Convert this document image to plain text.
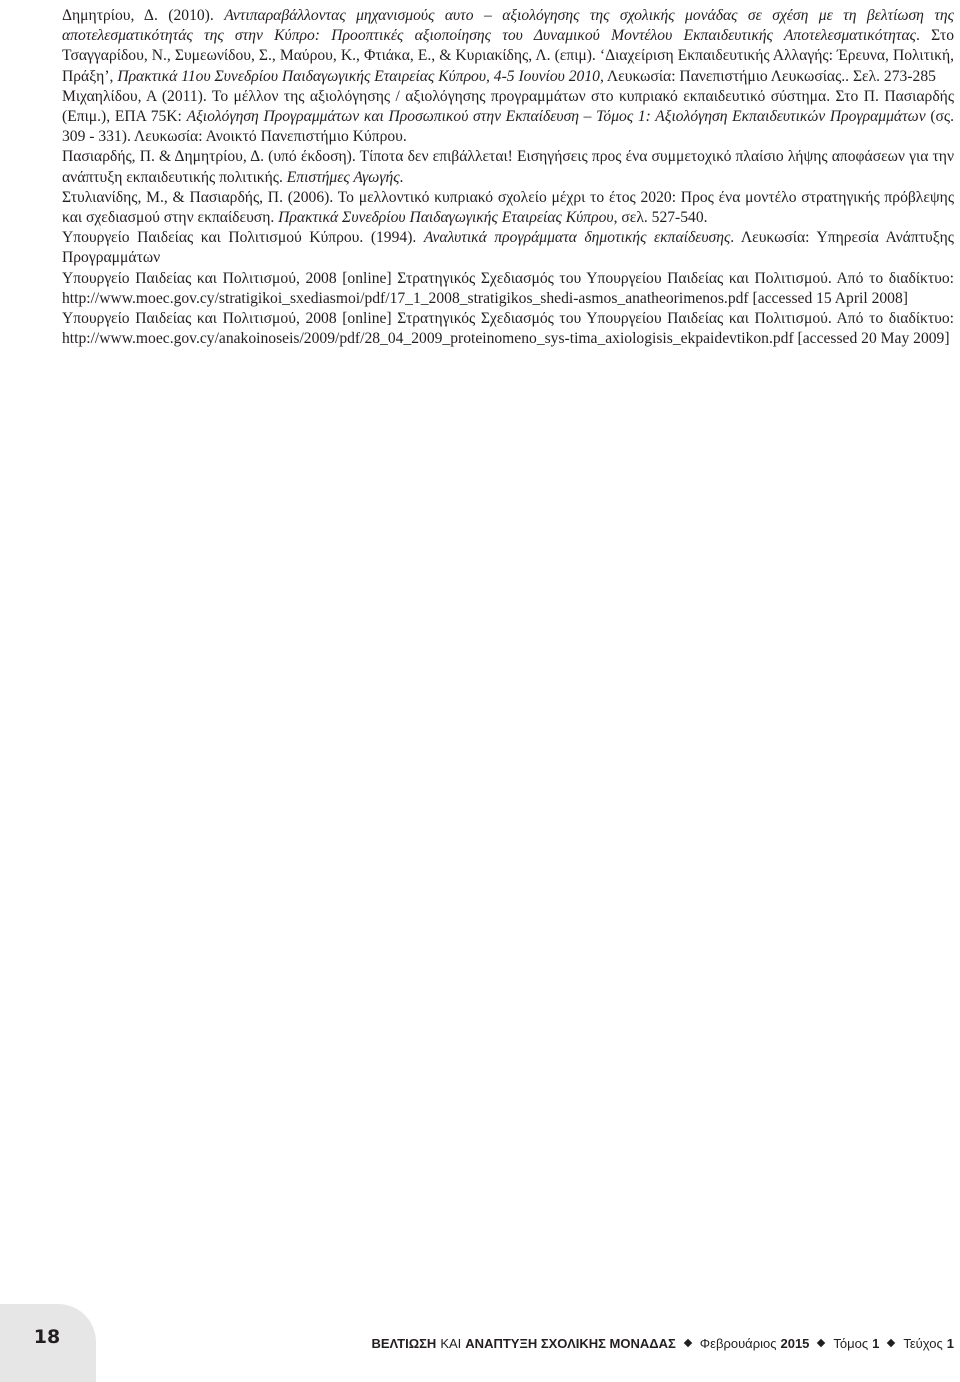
Δημητρίου, Δ. (2010). Αντιπαραβάλλοντας μηχανισμούς αυτο – αξιολόγησης της σχολικής μονάδας σε σχέση με τη βελτίωση της αποτελεσματικότητάς της στην Κύπρο: Προοπτικές αξιοποίησης του Δυναμικού Μοντέλου Εκπαιδευτικής Αποτελεσματικότητας. Στο Τσαγγαρίδου, Ν., Συμεωνίδου, Σ., Μαύρου, Κ., Φτιάκα, Ε., & Κυριακίδης, Λ. (επιμ). ‘Διαχείριση Εκπαιδευτικής Αλλαγής: Έρευνα, Πολιτική, Πράξη’, Πρακτικά 11ου Συνεδρίου Παιδαγωγικής Εταιρείας Κύπρου, 4-5 Ιουνίου 2010, Λευκωσία: Πανεπιστήμιο Λευκωσίας.. Σελ. 273-285

Μιχαηλίδου, Α (2011). Το μέλλον της αξιολόγησης / αξιολόγησης προγραμμάτων στο κυπριακό εκπαιδευτικό σύστημα. Στο Π. Πασιαρδής (Επιμ.), ΕΠΑ 75Κ: Αξιολόγηση Προγραμμάτων και Προσωπικού στην Εκπαίδευση – Τόμος 1: Αξιολόγηση Εκπαιδευτικών Προγραμμάτων (σς. 309 - 331). Λευκωσία: Ανοικτό Πανεπιστήμιο Κύπρου.

Πασιαρδής, Π. & Δημητρίου, Δ. (υπό έκδοση). Τίποτα δεν επιβάλλεται! Εισηγήσεις προς ένα συμμετοχικό πλαίσιο λήψης αποφάσεων για την ανάπτυξη εκπαιδευτικής πολιτικής. Επιστήμες Αγωγής.

Στυλιανίδης, Μ., & Πασιαρδής, Π. (2006). Το μελλοντικό κυπριακό σχολείο μέχρι το έτος 2020: Προς ένα μοντέλο στρατηγικής πρόβλεψης και σχεδιασμού στην εκπαίδευση. Πρακτικά Συνεδρίου Παιδαγωγικής Εταιρείας Κύπρου, σελ. 527-540.

Υπουργείο Παιδείας και Πολιτισμού Κύπρου. (1994). Αναλυτικά προγράμματα δημοτικής εκπαίδευσης. Λευκωσία: Υπηρεσία Ανάπτυξης Προγραμμάτων

Υπουργείο Παιδείας και Πολιτισμού, 2008 [online] Στρατηγικός Σχεδιασμός του Υπουργείου Παιδείας και Πολιτισμού. Από το διαδίκτυο: http://www.moec.gov.cy/stratigikoi_sxediasmoi/pdf/17_1_2008_stratigikos_shedi-asmos_anatheorimenos.pdf [accessed 15 April 2008]

Υπουργείο Παιδείας και Πολιτισμού, 2008 [online] Στρατηγικός Σχεδιασμός του Υπουργείου Παιδείας και Πολιτισμού. Από το διαδίκτυο: http://www.moec.gov.cy/anakoinoseis/2009/pdf/28_04_2009_proteinomeno_sys-tima_axiologisis_ekpaidevtikon.pdf [accessed 20 May 2009]

18	ΒΕΛΤΙΩΣΗ ΚΑΙ ΑΝΑΠΤΥΞΗ ΣΧΟΛΙΚΗΣ ΜΟΝΑΔΑΣ Φεβρουάριος 2015 Τόμος 1 Τεύχος 1
